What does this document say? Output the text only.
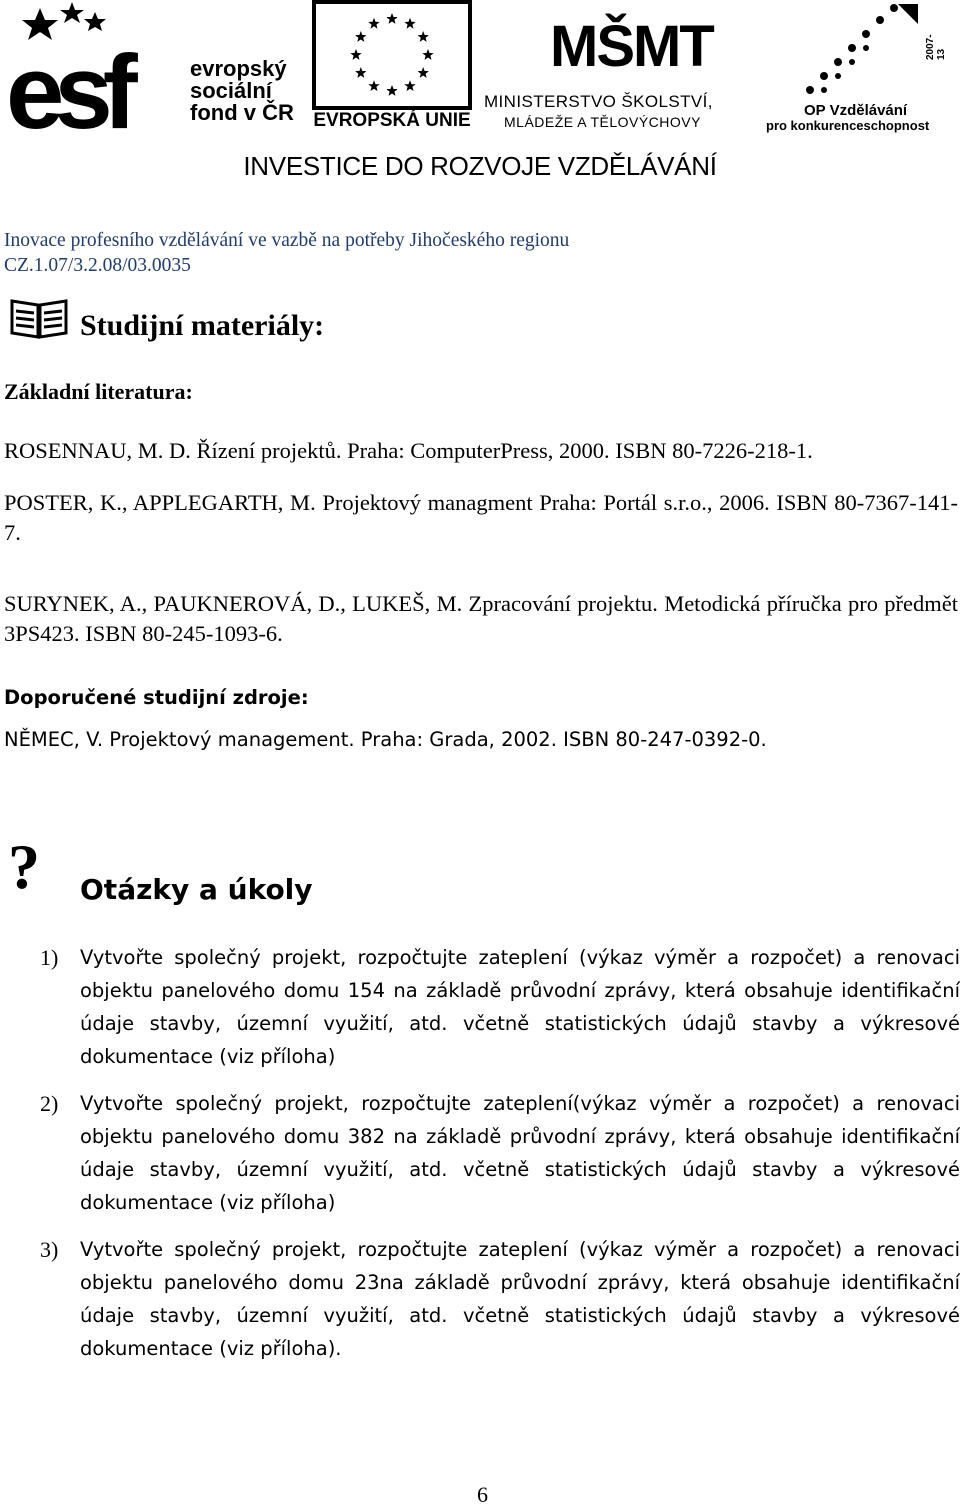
esf	evropský
sociální
fond v ČR EVROPSKÁ UNIE
MŠMT
MINISTERSTVO ŠKOLSTVÍ,
MLÁDEŽE A TĚLOVÝCHOVY
2007-13
OP Vzdělávání
pro konkurenceschopnost
INVESTICE DO ROZVOJE VZDĚLÁVÁNÍ
Inovace profesního vzdělávání ve vazbě na potřeby Jihočeského regionu
CZ.1.07/3.2.08/03.0035
Studijní materiály:
Základní literatura:
ROSENNAU, M. D. Řízení projektů. Praha: ComputerPress, 2000. ISBN 80-7226-218-1.
POSTER, K., APPLEGARTH, M. Projektový managment Praha: Portál s.r.o., 2006. ISBN 80-7367-141-7.
SURYNEK, A., PAUKNEROVÁ, D., LUKEŠ, M. Zpracování projektu. Metodická příručka pro předmět 3PS423. ISBN 80-245-1093-6.
Doporučené studijní zdroje:
NĚMEC, V. Projektový management. Praha: Grada, 2002. ISBN 80-247-0392-0.
? Otázky a úkoly
1) Vytvořte společný projekt, rozpočtujte zateplení (výkaz výměr a rozpočet) a renovaci objektu panelového domu 154 na základě průvodní zprávy, která obsahuje identifikační údaje stavby, územní využití, atd. včetně statistických údajů stavby a výkresové dokumentace (viz příloha)
2) Vytvořte společný projekt, rozpočtujte zateplení(výkaz výměr a rozpočet) a renovaci objektu panelového domu 382 na základě průvodní zprávy, která obsahuje identifikační údaje stavby, územní využití, atd. včetně statistických údajů stavby a výkresové dokumentace (viz příloha)
3) Vytvořte společný projekt, rozpočtujte zateplení (výkaz výměr a rozpočet) a renovaci objektu panelového domu 23na základě průvodní zprávy, která obsahuje identifikační údaje stavby, územní využití, atd. včetně statistických údajů stavby a výkresové dokumentace (viz příloha).
6
